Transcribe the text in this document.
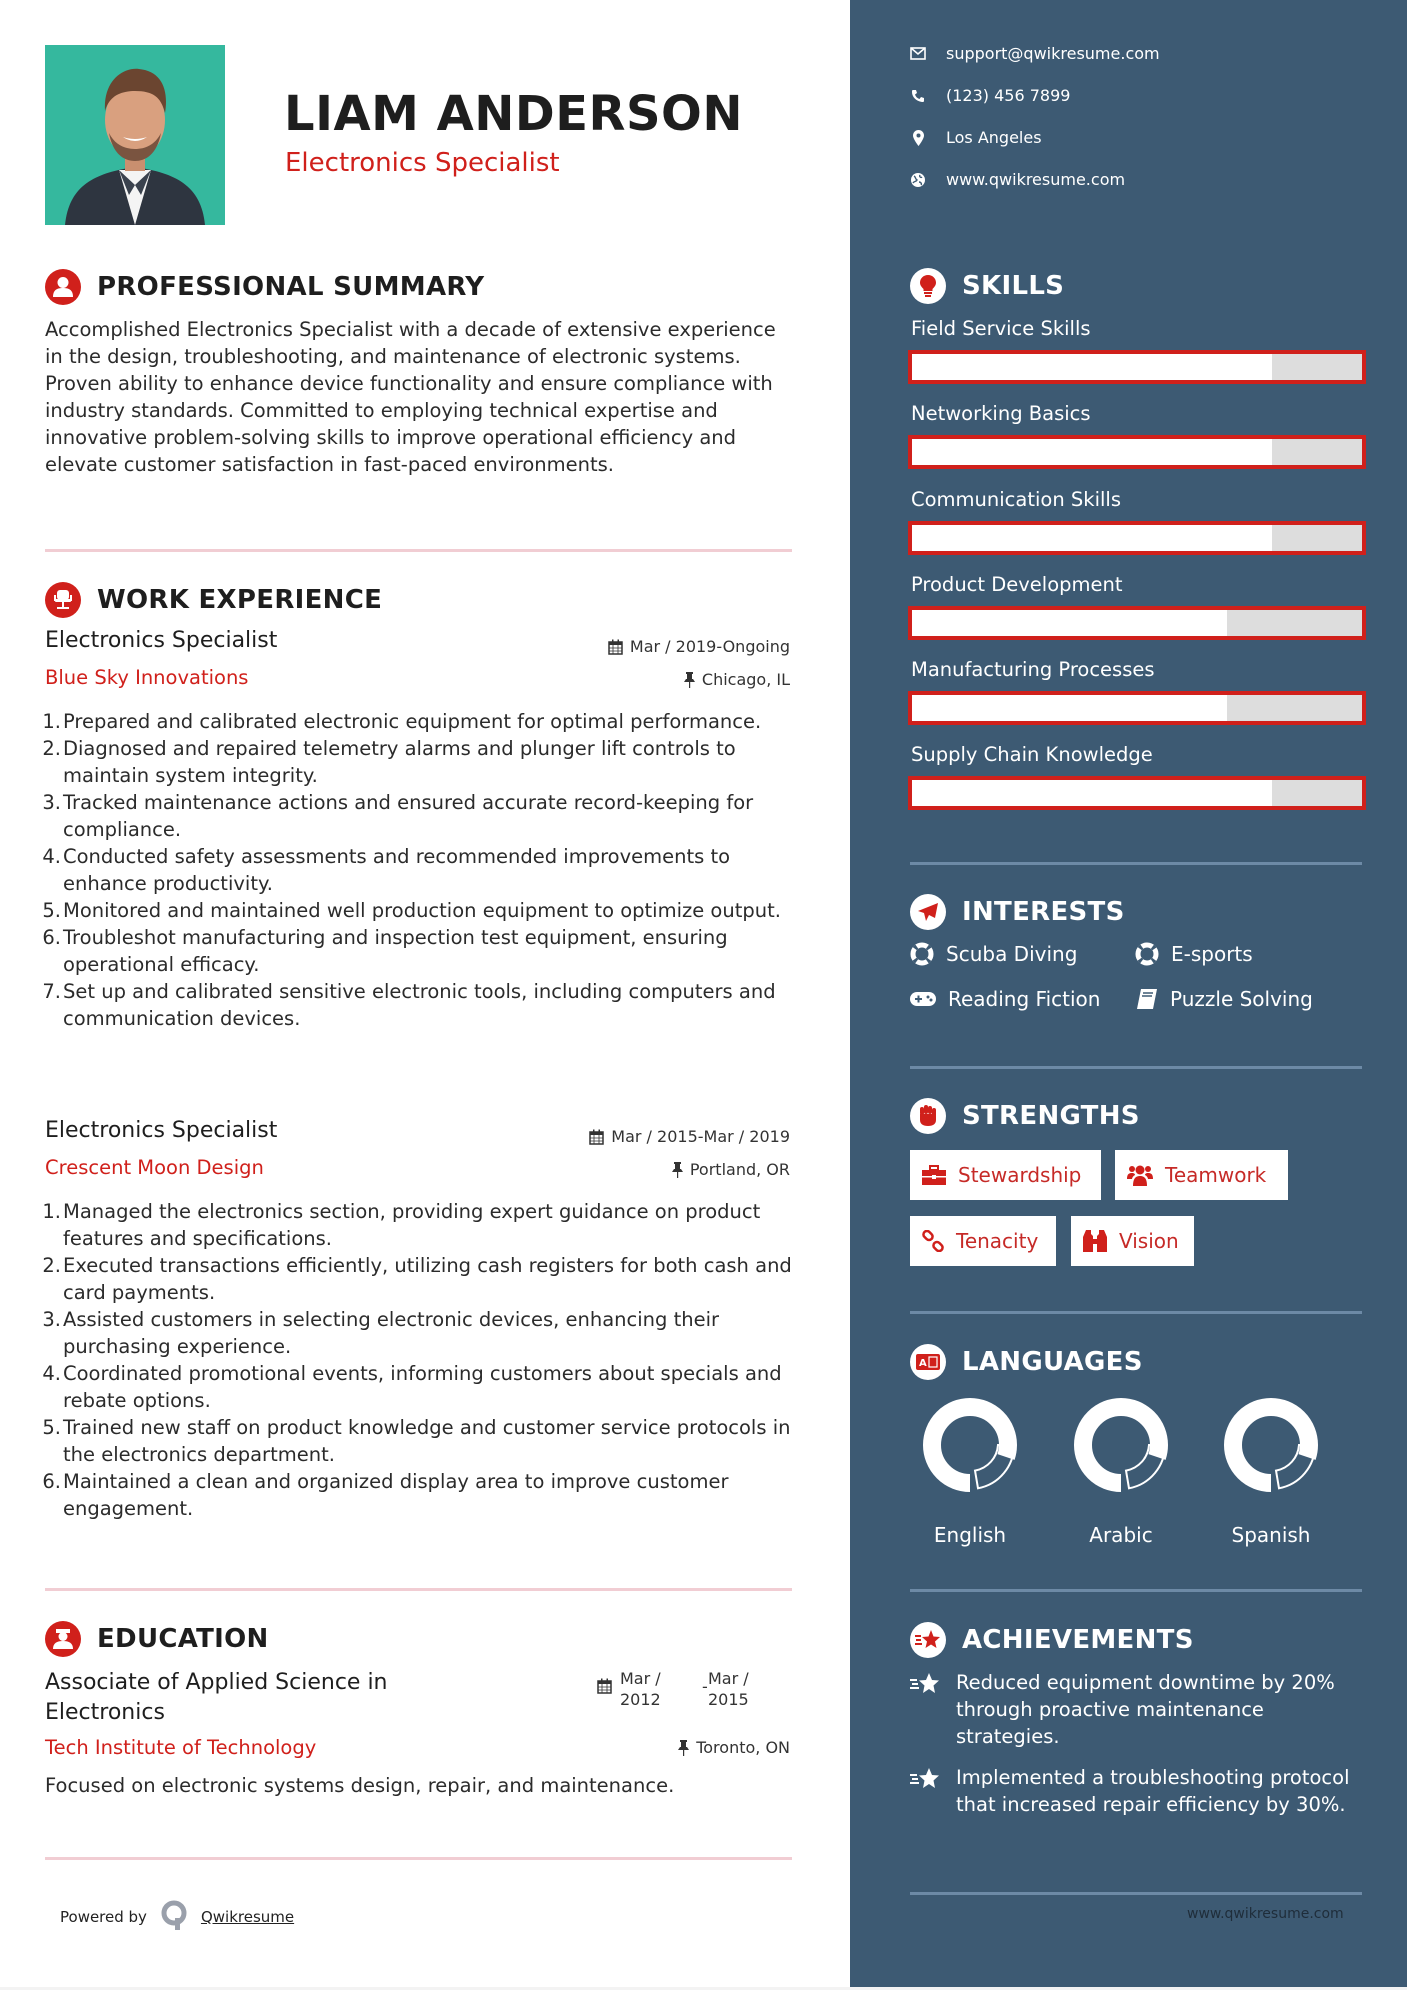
LIAM ANDERSON
Electronics Specialist
PROFESSIONAL SUMMARY
Accomplished Electronics Specialist with a decade of extensive experience in the design, troubleshooting, and maintenance of electronic systems. Proven ability to enhance device functionality and ensure compliance with industry standards. Committed to employing technical expertise and innovative problem-solving skills to improve operational efficiency and elevate customer satisfaction in fast-paced environments.
WORK EXPERIENCE
Electronics Specialist	Mar / 2019-Ongoing
Blue Sky Innovations	Chicago, IL
1. Prepared and calibrated electronic equipment for optimal performance.
2. Diagnosed and repaired telemetry alarms and plunger lift controls to maintain system integrity.
3. Tracked maintenance actions and ensured accurate record-keeping for compliance.
4. Conducted safety assessments and recommended improvements to enhance productivity.
5. Monitored and maintained well production equipment to optimize output.
6. Troubleshot manufacturing and inspection test equipment, ensuring operational efficacy.
7. Set up and calibrated sensitive electronic tools, including computers and communication devices.
Electronics Specialist	Mar / 2015-Mar / 2019
Crescent Moon Design	Portland, OR
1. Managed the electronics section, providing expert guidance on product features and specifications.
2. Executed transactions efficiently, utilizing cash registers for both cash and card payments.
3. Assisted customers in selecting electronic devices, enhancing their purchasing experience.
4. Coordinated promotional events, informing customers about specials and rebate options.
5. Trained new staff on product knowledge and customer service protocols in the electronics department.
6. Maintained a clean and organized display area to improve customer engagement.
EDUCATION
Associate of Applied Science in Electronics
Mar /
2012
- Mar /
2015
Tech Institute of Technology	Toronto, ON
Focused on electronic systems design, repair, and maintenance.
Powered by	Qwikresume
support@qwikresume.com
(123) 456 7899
Los Angeles
www.qwikresume.com
SKILLS
Field Service Skills
Networking Basics
Communication Skills
Product Development
Manufacturing Processes
Supply Chain Knowledge
INTERESTS
Scuba Diving	E-sports
Reading Fiction	Puzzle Solving
STRENGTHS
Stewardship	Teamwork
Tenacity	Vision
A LANGUAGES
English	Arabic	Spanish
ACHIEVEMENTS
Reduced equipment downtime by 20% through proactive maintenance strategies.
Implemented a troubleshooting protocol that increased repair efficiency by 30%.
www.qwikresume.com
